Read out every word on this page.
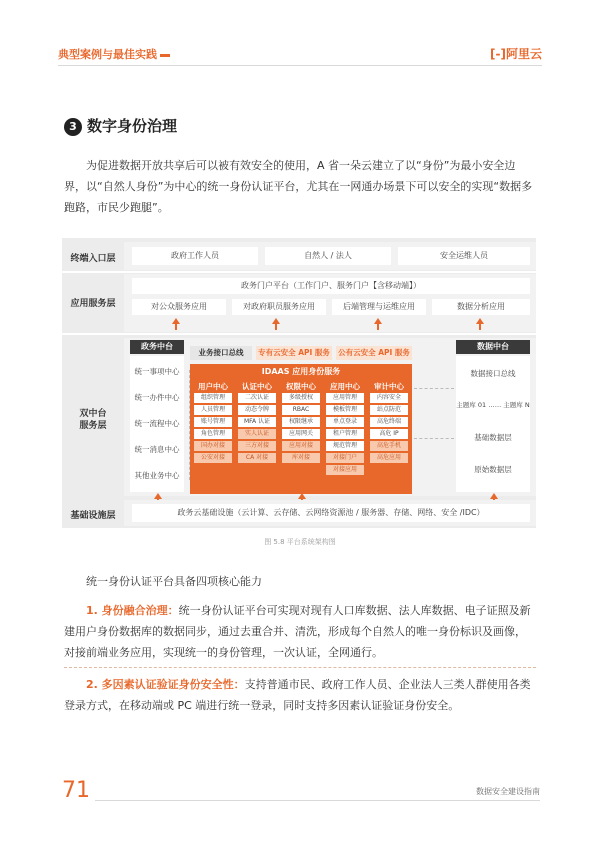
典型案例与最佳实践	[-]阿里云
3 数字身份治理
为促进数据开放共享后可以被有效安全的使用，A 省一朵云建立了以“身份”为最小安全边界，以“自然人身份”为中心的统一身份认证平台，尤其在一网通办场景下可以安全的实现“数据多跑路，市民少跑腿”。
终端入口层	政府工作人员	自然人 / 法人	安全运维人员
应用服务层
政务门户平台（工作门户、服务门户【含移动端】）
对公众服务应用	对政府职员服务应用	后端管理与运维应用	数据分析应用
双中台
服务层
政务中台
统一事项中心
统一办件中心
统一流程中心
统一消息中心
其他业务中心
业务接口总线	专有云安全 API 服务 公有云安全 API 服务
IDAAS 应用身份服务
用户中心
组织管理
人员管理
账号管理
角色管理
国办对接
公安对接
认证中心
二次认证
动态令牌
MFA 认证
实人认证
三方对接
CA 对接
权限中心
多级授权
RBAC
权限继承
应用网关
应用对接
库对接
应用中心
应用管理
模板管理
单点登录
租户管理
规范管理
对接门户
对接应用
审计中心
内容安全
站点防范
高危终端
高危 IP
高危手机
高危应用
数据中台
数据接口总线
主题库 01 …… 主题库 N
基础数据层
原始数据层
基础设施层	政务云基础设施（云计算、云存储、云网络资源池 / 服务器、存储、网络、安全 /IDC）
图 5.8 平台系统架构图
统一身份认证平台具备四项核心能力
1. 身份融合治理：统一身份认证平台可实现对现有人口库数据、法人库数据、电子证照及新建用户身份数据库的数据同步，通过去重合并、清洗，形成每个自然人的唯一身份标识及画像，对接前端业务应用，实现统一的身份管理，一次认证，全网通行。
2. 多因素认证验证身份安全性：支持普通市民、政府工作人员、企业法人三类人群使用各类登录方式，在移动端或 PC 端进行统一登录，同时支持多因素认证验证身份安全。
71	数据安全建设指南
